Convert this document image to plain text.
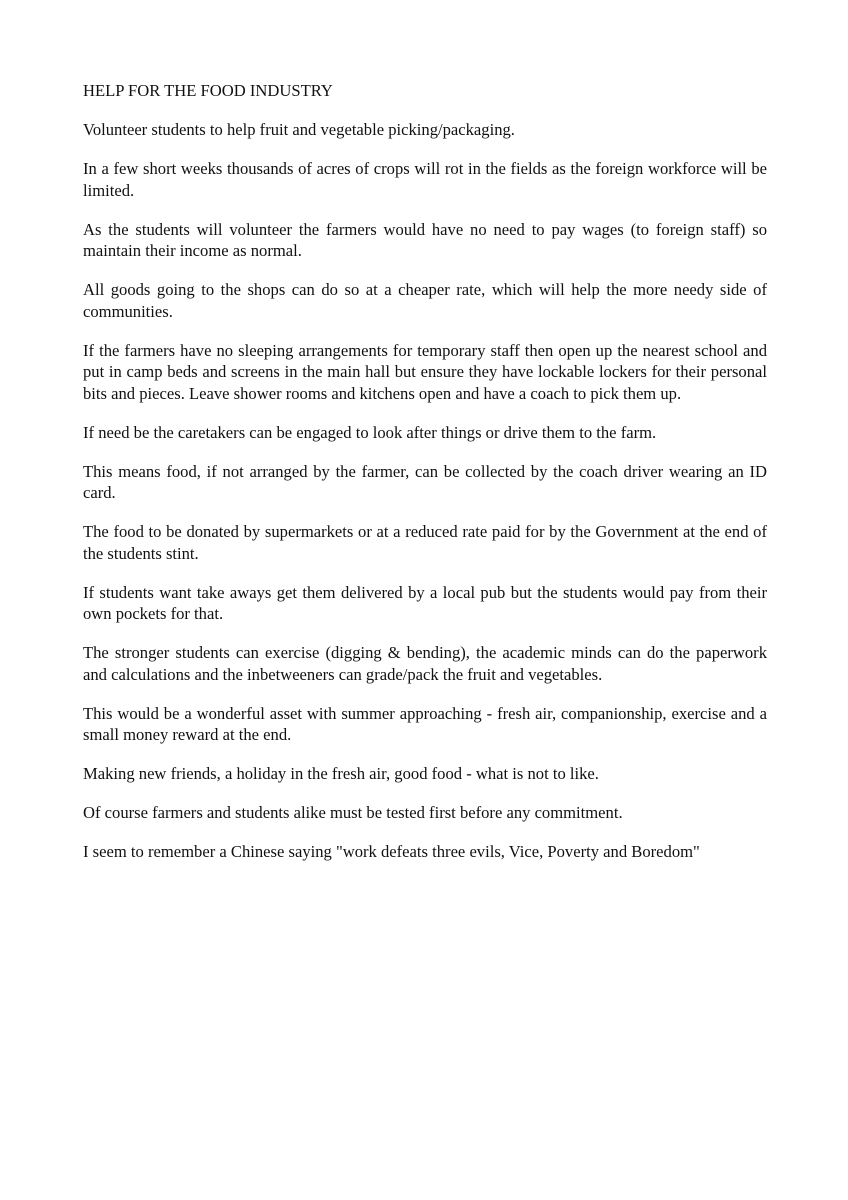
HELP FOR THE FOOD INDUSTRY

Volunteer students to help fruit and vegetable picking/packaging.

In a few short weeks thousands of acres of crops will rot in the fields as the foreign workforce will be limited.

As the students will volunteer the farmers would have no need to pay wages (to foreign staff) so maintain their income as normal.

All goods going to the shops can do so at a cheaper rate, which will help the more needy side of communities.

If the farmers have no sleeping arrangements for temporary staff then open up the nearest school and put in camp beds and screens in the main hall but ensure they have lockable lockers for their personal bits and pieces. Leave shower rooms and kitchens open and have a coach to pick them up.

If need be the caretakers can be engaged to look after things or drive them to the farm.

This means food, if not arranged by the farmer, can be collected by the coach driver wearing an ID card.

The food to be donated by supermarkets or at a reduced rate paid for by the Government at the end of the students stint.

If students want take aways get them delivered by a local pub but the students would pay from their own pockets for that.

The stronger students can exercise (digging & bending), the academic minds can do the paperwork and calculations and the inbetweeners can grade/pack the fruit and vegetables.

This would be a wonderful asset with summer approaching - fresh air, companionship, exercise and a small money reward at the end.

Making new friends, a holiday in the fresh air, good food - what is not to like.

Of course farmers and students alike must be tested first before any commitment.

I seem to remember a Chinese saying "work defeats three evils, Vice, Poverty and Boredom"
